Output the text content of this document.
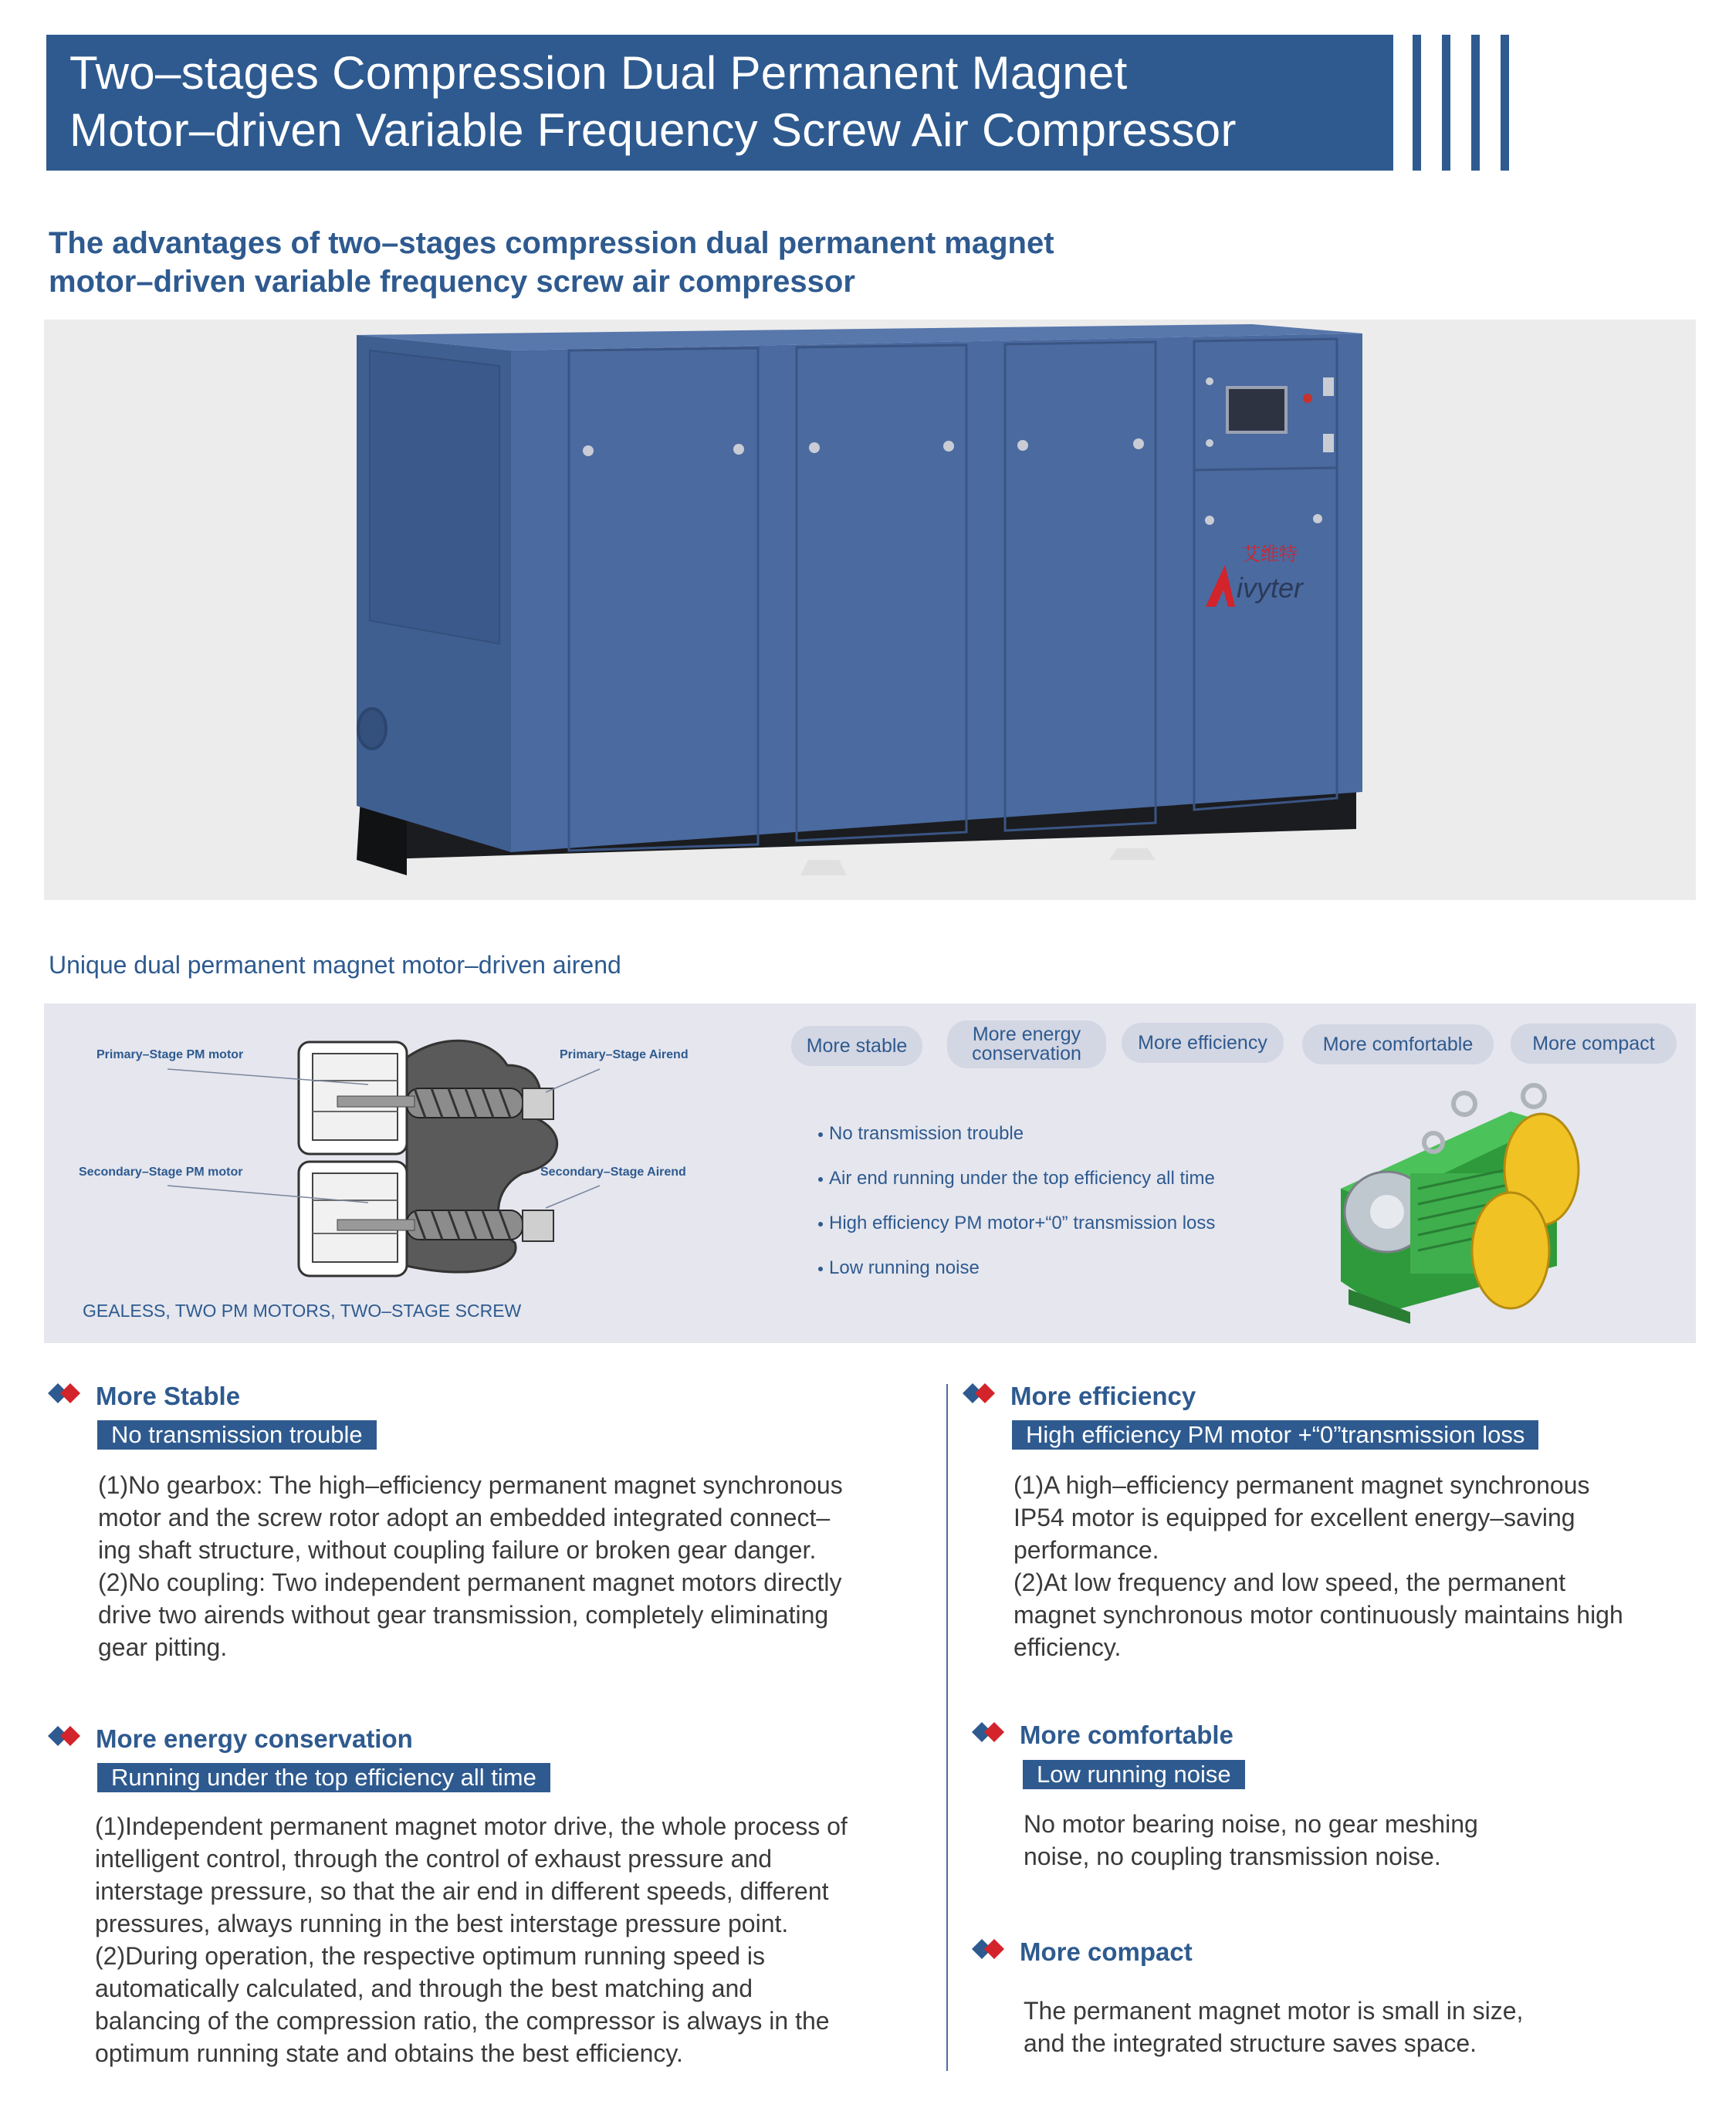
Two–stages Compression Dual Permanent Magnet
Motor–driven Variable Frequency Screw Air Compressor
The advantages of two–stages compression dual permanent magnet
motor–driven variable frequency screw air compressor
艾维特
ivyter
Unique dual permanent magnet motor–driven airend
Primary–Stage PM motor	Primary–Stage Airend
Secondary–Stage PM motor	Secondary–Stage Airend
GEALESS, TWO PM MOTORS, TWO–STAGE SCREW
More stable
More energy
conservation
More efficiency	More comfortable	More compact
No transmission trouble
Air end running under the top efficiency all time
High efficiency PM motor+“0” transmission loss
Low running noise
More Stable
No transmission trouble

(1)No gearbox: The high–efficiency permanent magnet synchronous

motor and the screw rotor adopt an embedded integrated connect–

ing shaft structure, without coupling failure or broken gear danger.

(2)No coupling: Two independent permanent magnet motors directly

drive two airends without gear transmission, completely eliminating

gear pitting.

More energy conservation
Running under the top efficiency all time

(1)Independent permanent magnet motor drive, the whole process of

intelligent control, through the control of exhaust pressure and

interstage pressure, so that the air end in different speeds, different

pressures, always running in the best interstage pressure point.

(2)During operation, the respective optimum running speed is

automatically calculated, and through the best matching and

balancing of the compression ratio, the compressor is always in the

optimum running state and obtains the best efficiency.

More efficiency
High efficiency PM motor +“0”transmission loss

(1)A high–efficiency permanent magnet synchronous

IP54 motor is equipped for excellent energy–saving

performance.

(2)At low frequency and low speed, the permanent

magnet synchronous motor continuously maintains high

efficiency.

More comfortable
Low running noise

No motor bearing noise, no gear meshing

noise, no coupling transmission noise.

More compact

The permanent magnet motor is small in size,

and the integrated structure saves space.
